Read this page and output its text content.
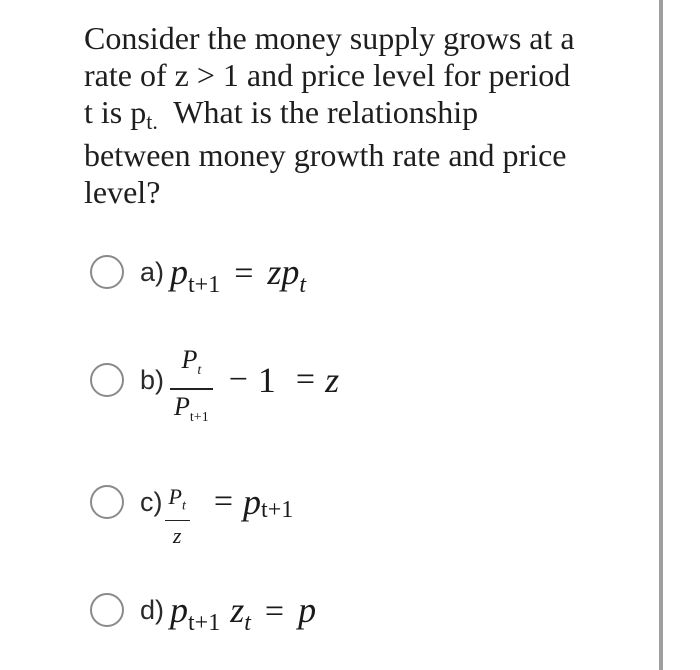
Consider the money supply grows at a
rate of z > 1 and price level for period
t is pt.  What is the relationship
between money growth rate and price
level?
a) pt+1 = zpt
$b) \frac{P_t}{P_{t+1}} - 1 = z$
$c) \frac{P_t}{z} = p$ t+1
d) pt+1 zt = p
